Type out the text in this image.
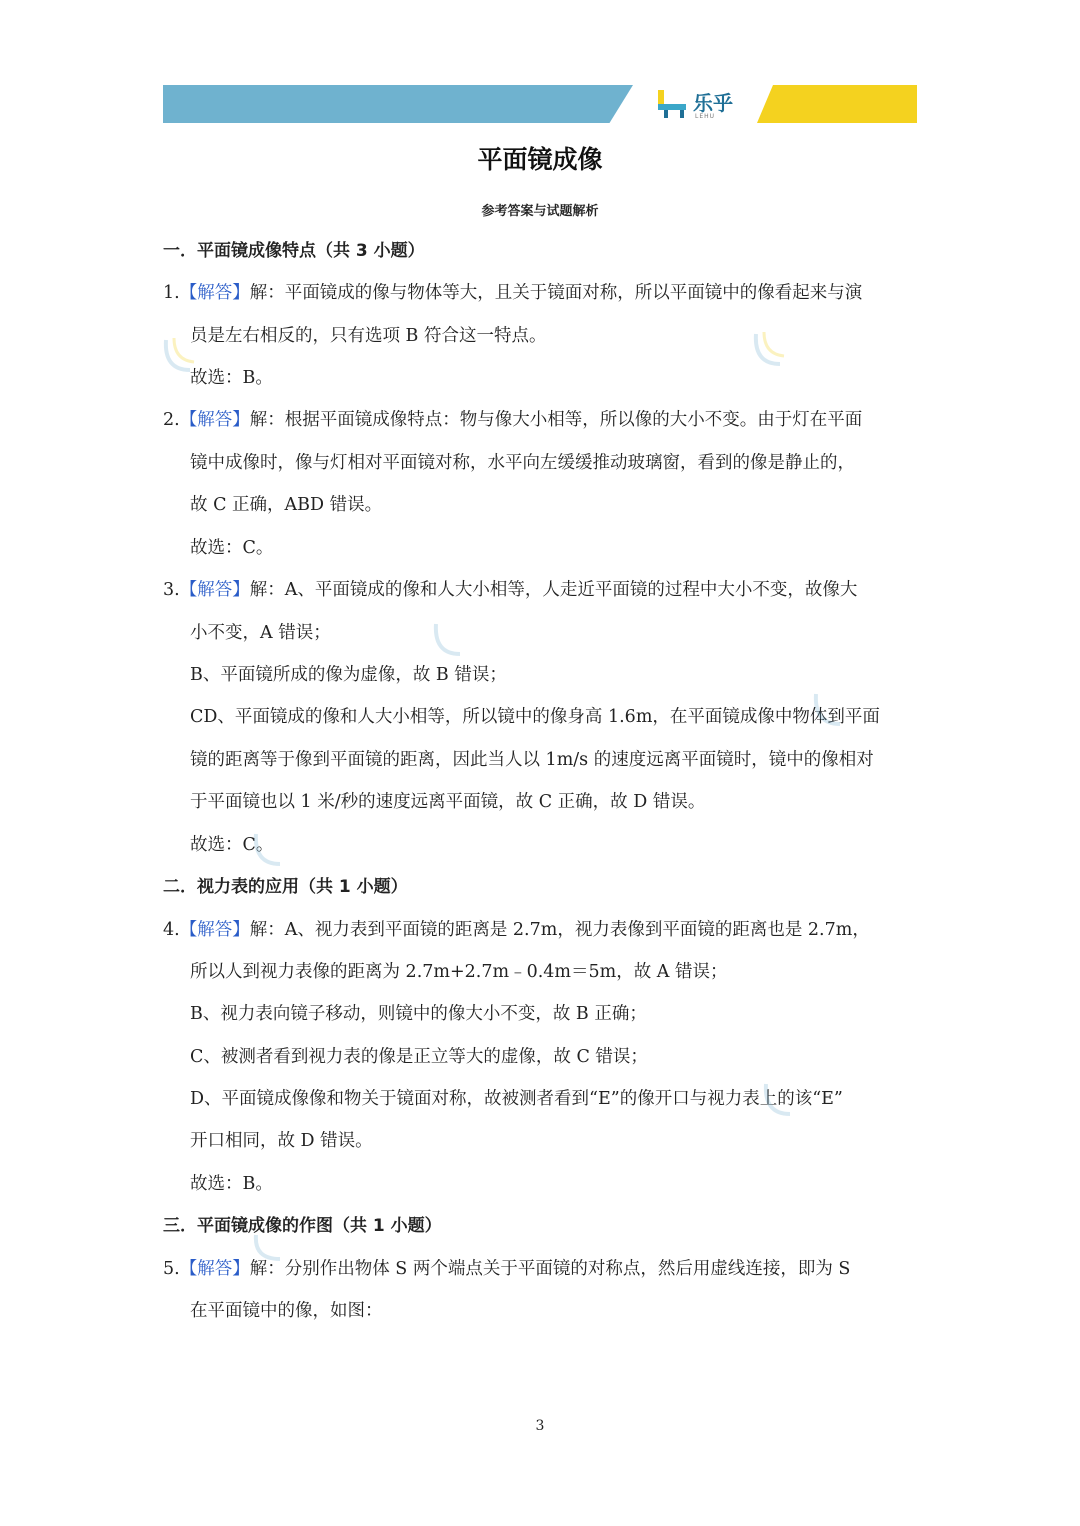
乐乎
LEHU
平面镜成像
参考答案与试题解析
一．平面镜成像特点（共 3 小题）
1.【解答】解：平面镜成的像与物体等大，且关于镜面对称，所以平面镜中的像看起来与演
员是左右相反的，只有选项 B 符合这一特点。
故选：B。
2.【解答】解：根据平面镜成像特点：物与像大小相等，所以像的大小不变。由于灯在平面
镜中成像时，像与灯相对平面镜对称，水平向左缓缓推动玻璃窗，看到的像是静止的，
故 C 正确，ABD 错误。
故选：C。
3.【解答】解：A、平面镜成的像和人大小相等，人走近平面镜的过程中大小不变，故像大
小不变，A 错误；
B、平面镜所成的像为虚像，故 B 错误；
CD、平面镜成的像和人大小相等，所以镜中的像身高 1.6m，在平面镜成像中物体到平面
镜的距离等于像到平面镜的距离，因此当人以 1m/s 的速度远离平面镜时，镜中的像相对
于平面镜也以 1 米/秒的速度远离平面镜，故 C 正确，故 D 错误。
故选：C。
二．视力表的应用（共 1 小题）
4.【解答】解：A、视力表到平面镜的距离是 2.7m，视力表像到平面镜的距离也是 2.7m，
所以人到视力表像的距离为 2.7m+2.7m﹣0.4m＝5m，故 A 错误；
B、视力表向镜子移动，则镜中的像大小不变，故 B 正确；
C、被测者看到视力表的像是正立等大的虚像，故 C 错误；
D、平面镜成像像和物关于镜面对称，故被测者看到“E”的像开口与视力表上的该“E”
开口相同，故 D 错误。
故选：B。
三．平面镜成像的作图（共 1 小题）
5.【解答】解：分别作出物体 S 两个端点关于平面镜的对称点，然后用虚线连接，即为 S
在平面镜中的像，如图：
3
